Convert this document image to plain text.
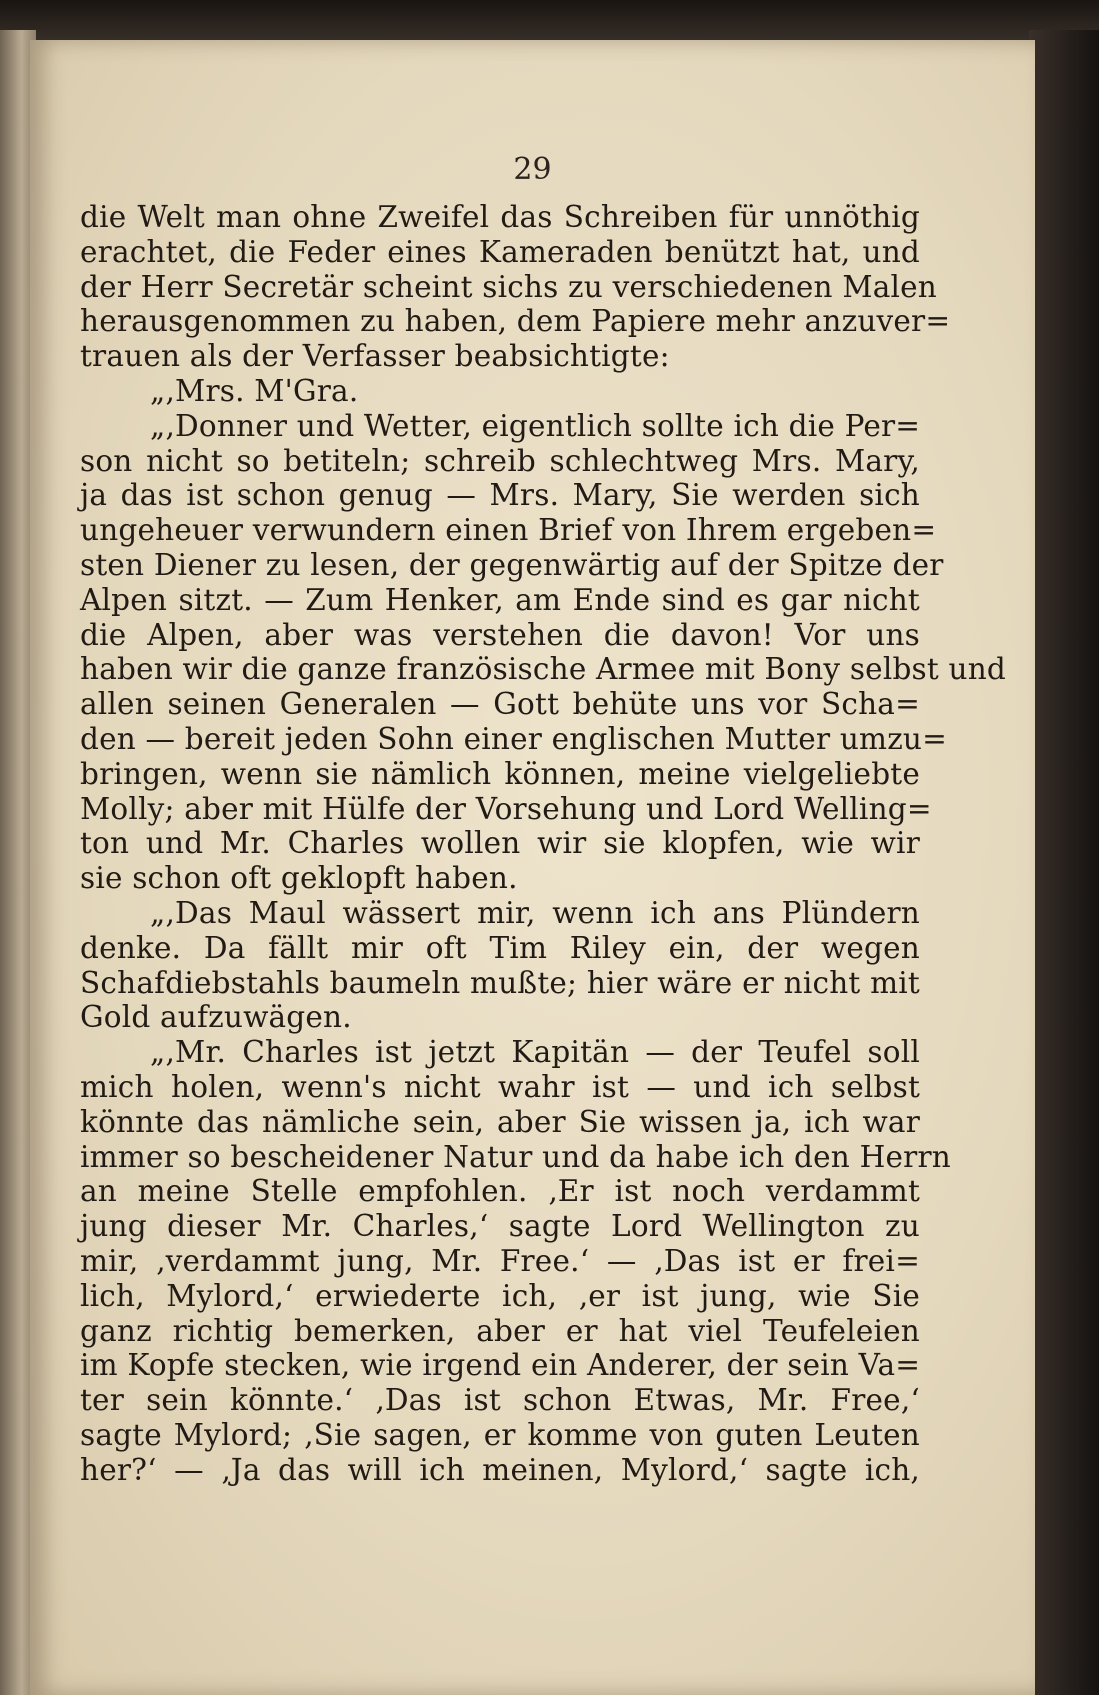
29
die Welt man ohne Zweifel das Schreiben für unnöthig
erachtet, die Feder eines Kameraden benützt hat, und
der Herr Secretär scheint sichs zu verschiedenen Malen
herausgenommen zu haben, dem Papiere mehr anzuver=
trauen als der Verfasser beabsichtigte:
„,Mrs. M'Gra.
„,Donner und Wetter, eigentlich sollte ich die Per=
son nicht so betiteln; schreib schlechtweg Mrs. Mary,
ja das ist schon genug — Mrs. Mary, Sie werden sich
ungeheuer verwundern einen Brief von Ihrem ergeben=
sten Diener zu lesen, der gegenwärtig auf der Spitze der
Alpen sitzt. — Zum Henker, am Ende sind es gar nicht
die Alpen, aber was verstehen die davon! Vor uns
haben wir die ganze französische Armee mit Bony selbst und
allen seinen Generalen — Gott behüte uns vor Scha=
den — bereit jeden Sohn einer englischen Mutter umzu=
bringen, wenn sie nämlich können, meine vielgeliebte
Molly; aber mit Hülfe der Vorsehung und Lord Welling=
ton und Mr. Charles wollen wir sie klopfen, wie wir
sie schon oft geklopft haben.
„,Das Maul wässert mir, wenn ich ans Plündern
denke. Da fällt mir oft Tim Riley ein, der wegen
Schafdiebstahls baumeln mußte; hier wäre er nicht mit
Gold aufzuwägen.
„,Mr. Charles ist jetzt Kapitän — der Teufel soll
mich holen, wenn's nicht wahr ist — und ich selbst
könnte das nämliche sein, aber Sie wissen ja, ich war
immer so bescheidener Natur und da habe ich den Herrn
an meine Stelle empfohlen. ‚Er ist noch verdammt
jung dieser Mr. Charles,‘ sagte Lord Wellington zu
mir, ‚verdammt jung, Mr. Free.‘ — ‚Das ist er frei=
lich, Mylord,‘ erwiederte ich, ‚er ist jung, wie Sie
ganz richtig bemerken, aber er hat viel Teufeleien
im Kopfe stecken, wie irgend ein Anderer, der sein Va=
ter sein könnte.‘ ‚Das ist schon Etwas, Mr. Free,‘
sagte Mylord; ‚Sie sagen, er komme von guten Leuten
her?‘ — ‚Ja das will ich meinen, Mylord,‘ sagte ich,
